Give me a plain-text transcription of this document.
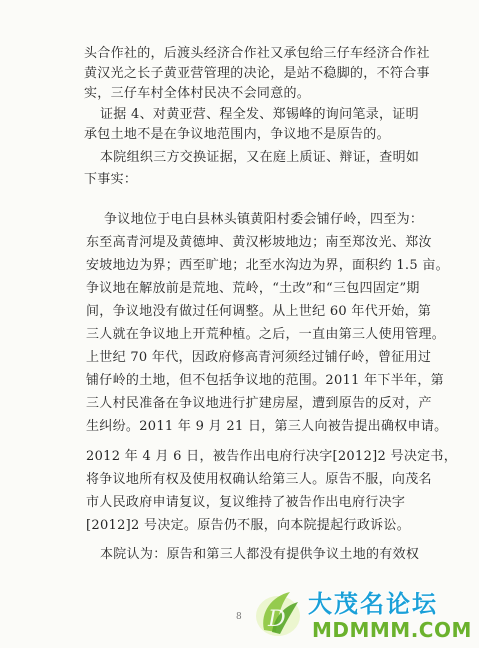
头合作社的，后渡头经济合作社又承包给三仔车经济合作社
黄汉光之长子黄亚营管理的决论，是站不稳脚的，不符合事
实，三仔车村全体村民决不会同意的。
证据 4、对黄亚营、程全发、郑锡峰的询问笔录，证明
承包土地不是在争议地范围内，争议地不是原告的。
本院组织三方交换证据，又在庭上质证、辩证，查明如
下事实：
争议地位于电白县林头镇黄阳村委会铺仔岭，四至为：
东至高青河堤及黄德坤、黄汉彬坡地边；南至郑汝光、郑汝
安坡地边为界；西至旷地；北至水沟边为界，面积约 1.5 亩。
争议地在解放前是荒地、荒岭，“土改”和“三包四固定”期
间，争议地没有做过任何调整。从上世纪 60 年代开始，第
三人就在争议地上开荒种植。之后，一直由第三人使用管理。
上世纪 70 年代，因政府修高青河须经过铺仔岭，曾征用过
铺仔岭的土地，但不包括争议地的范围。2011 年下半年，第
三人村民准备在争议地进行扩建房屋，遭到原告的反对，产
生纠纷。2011 年 9 月 21 日，第三人向被告提出确权申请。
2012 年 4 月 6 日，被告作出电府行决字[2012]2 号决定书，
将争议地所有权及使用权确认给第三人。原告不服，向茂名
市人民政府申请复议，复议维持了被告作出电府行决字
[2012]2 号决定。原告仍不服，向本院提起行政诉讼。
本院认为：原告和第三人都没有提供争议土地的有效权
8 D
大茂名论坛
MDMMM.COM
